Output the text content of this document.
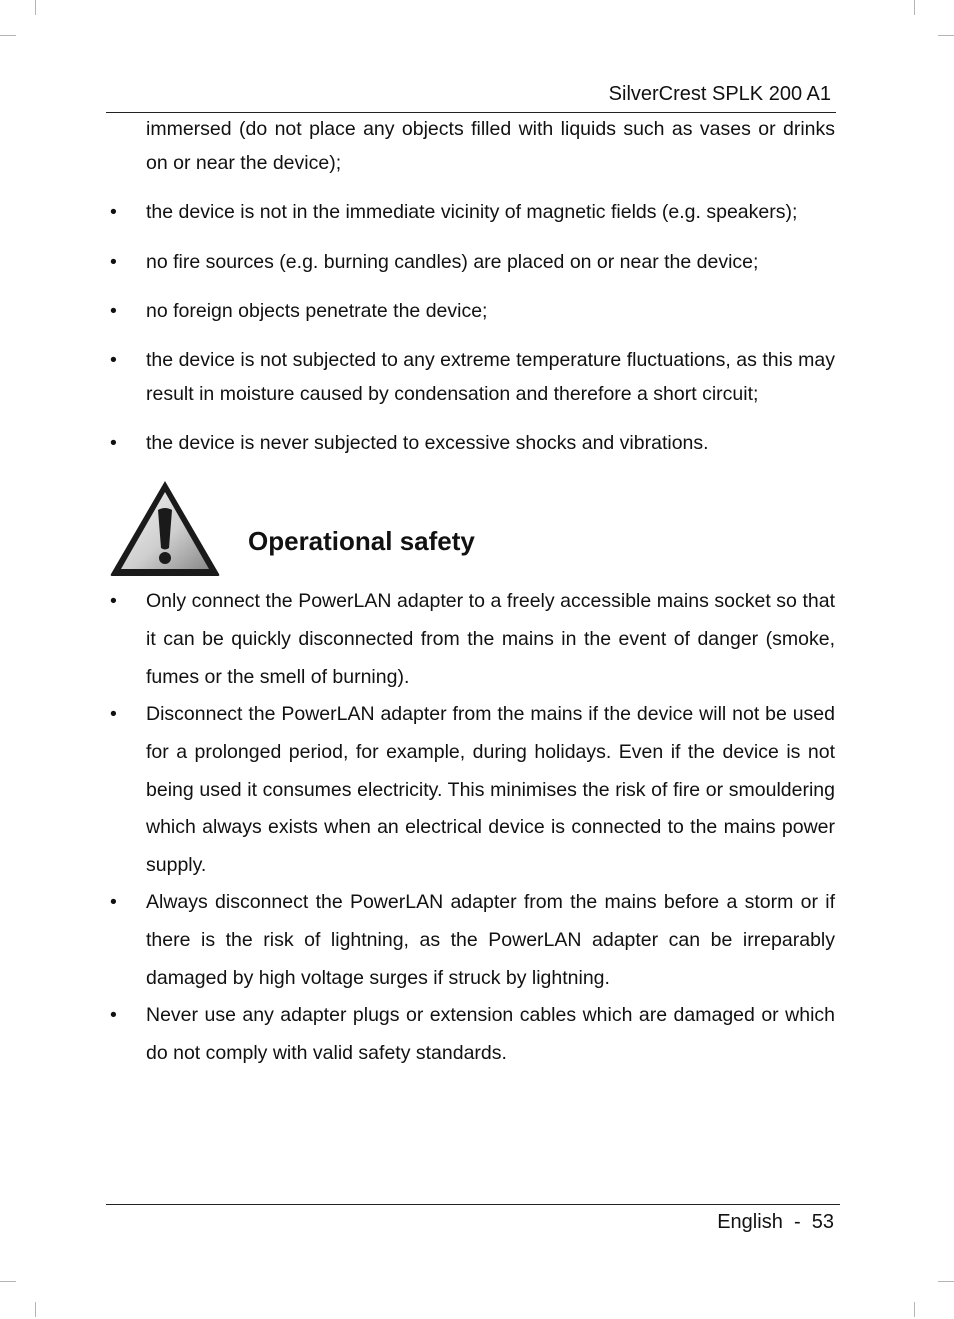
SilverCrest SPLK 200 A1
immersed (do not place any objects filled with liquids such as vases or drinks on or near the device);
• the device is not in the immediate vicinity of magnetic fields (e.g. speakers);
• no fire sources (e.g. burning candles) are placed on or near the device;
• no foreign objects penetrate the device;
• the device is not subjected to any extreme temperature fluctuations, as this may result in moisture caused by condensation and therefore a short circuit;
• the device is never subjected to excessive shocks and vibrations.
Operational safety
• Only connect the PowerLAN adapter to a freely accessible mains socket so that it can be quickly disconnected from the mains in the event of danger (smoke, fumes or the smell of burning).
• Disconnect the PowerLAN adapter from the mains if the device will not be used for a prolonged period, for example, during holidays. Even if the device is not being used it consumes electricity. This minimises the risk of fire or smouldering which always exists when an electrical device is connected to the mains power supply.
• Always disconnect the PowerLAN adapter from the mains before a storm or if there is the risk of lightning, as the PowerLAN adapter can be irreparably damaged by high voltage surges if struck by lightning.
• Never use any adapter plugs or extension cables which are damaged or which do not comply with valid safety standards.
English - 53
